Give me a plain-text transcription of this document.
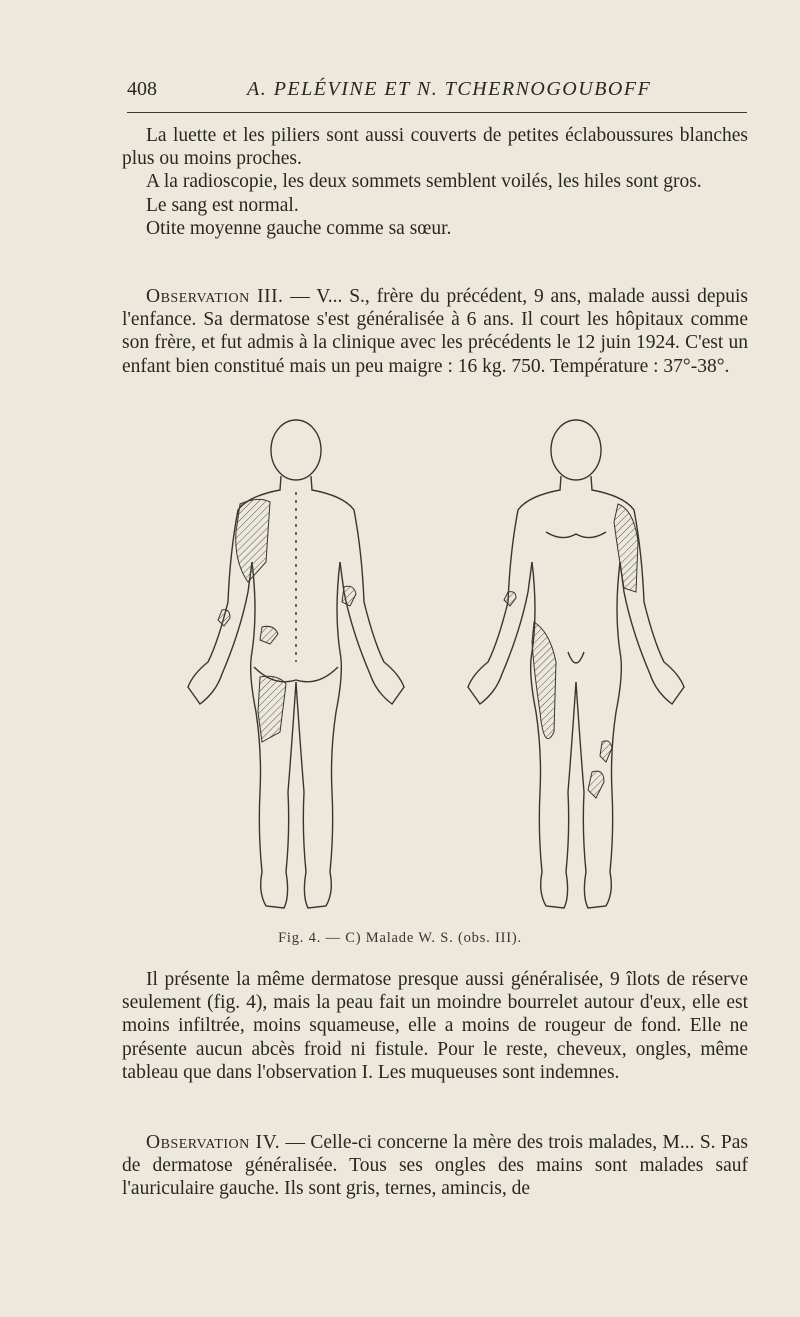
408	A. PELÉVINE ET N. TCHERNOGOUBOFF

La luette et les piliers sont aussi couverts de petites éclaboussures blanches plus ou moins proches.

A la radioscopie, les deux sommets semblent voilés, les hiles sont gros.

Le sang est normal.

Otite moyenne gauche comme sa sœur.

Observation III. — V... S., frère du précédent, 9 ans, malade aussi depuis l'enfance. Sa dermatose s'est généralisée à 6 ans. Il court les hôpitaux comme son frère, et fut admis à la clinique avec les précédents le 12 juin 1924. C'est un enfant bien constitué mais un peu maigre : 16 kg. 750. Température : 37°-38°.

Fig. 4. — C) Malade W. S. (obs. III).

Il présente la même dermatose presque aussi généralisée, 9 îlots de réserve seulement (fig. 4), mais la peau fait un moindre bourrelet autour d'eux, elle est moins infiltrée, moins squameuse, elle a moins de rougeur de fond. Elle ne présente aucun abcès froid ni fistule. Pour le reste, cheveux, ongles, même tableau que dans l'observation I. Les muqueuses sont indemnes.

Observation IV. — Celle-ci concerne la mère des trois malades, M... S. Pas de dermatose généralisée. Tous ses ongles des mains sont malades sauf l'auriculaire gauche. Ils sont gris, ternes, amincis, de
